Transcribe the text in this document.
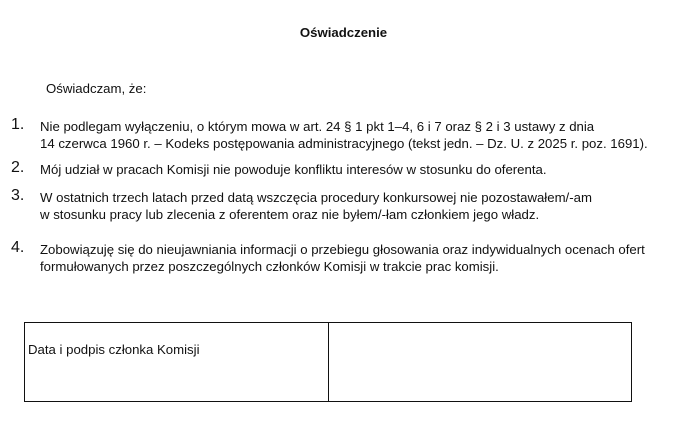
Oświadczenie
Oświadczam, że:
1. Nie podlegam wyłączeniu, o którym mowa w art. 24 § 1 pkt 1–4, 6 i 7 oraz § 2 i 3 ustawy z dnia
14 czerwca 1960 r. – Kodeks postępowania administracyjnego (tekst jedn. – Dz. U. z 2025 r. poz. 1691).
2. Mój udział w pracach Komisji nie powoduje konfliktu interesów w stosunku do oferenta.
3. W ostatnich trzech latach przed datą wszczęcia procedury konkursowej nie pozostawałem/-am
w stosunku pracy lub zlecenia z oferentem oraz nie byłem/-łam członkiem jego władz.
4. Zobowiązuję się do nieujawniania informacji o przebiegu głosowania oraz indywidualnych ocenach ofert
formułowanych przez poszczególnych członków Komisji w trakcie prac komisji.
Data i podpis członka Komisji
